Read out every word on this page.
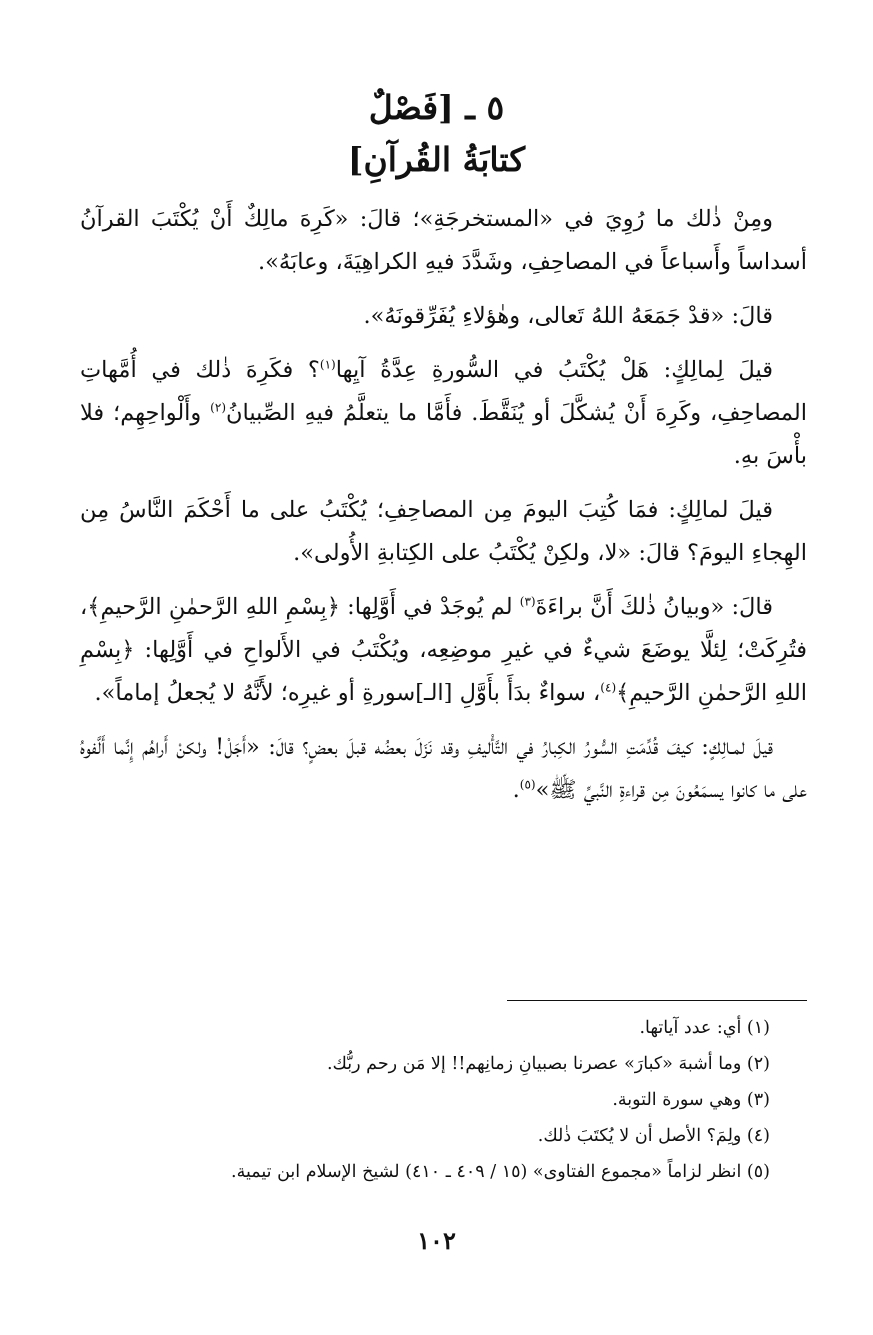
٥ ـ [فَصْلٌ
كتابَةُ القُرآنِ]

ومِنْ ذٰلك ما رُوِيَ في «المستخرجَةِ»؛ قالَ: «كَرِهَ مالِكٌ أَنْ يُكْتَبَ القرآنُ أسداساً وأَسباعاً في المصاحِفِ، وشَدَّدَ فيهِ الكراهِيَةَ، وعابَهُ».

قالَ: «قدْ جَمَعَهُ اللهُ تَعالى، وهٰؤلاءِ يُفَرِّقونَهُ».

قيلَ لِمالِكٍ: هَلْ يُكْتَبُ في السُّورةِ عِدَّةُ آيِها$^{(١)}$؟ فكَرِهَ ذٰلك في أُمَّهاتِ المصاحِفِ، وكَرِهَ أَنْ يُشكَّلَ أو يُنَقَّطَ. فأَمَّا ما يتعلَّمُ فيهِ الصِّبيانُ$^{(٢)}$ وأَلْواحِهِم؛ فلا بأْسَ بهِ.

قيلَ لمالِكٍ: فمَا كُتِبَ اليومَ مِن المصاحِفِ؛ يُكْتَبُ على ما أَحْكَمَ النَّاسُ مِن الهِجاءِ اليومَ؟ قالَ: «لا، ولكِنْ يُكْتَبُ على الكِتابةِ الأُولى».

قالَ: «وبيانُ ذٰلكَ أَنَّ براءَةَ$^{(٣)}$ لم يُوجَدْ في أَوَّلِها: ﴿بِسْمِ اللهِ الرَّحمٰنِ الرَّحيمِ﴾، فتُرِكَتْ؛ لِئلَّا يوضَعَ شيءٌ في غيرِ موضِعِه، ويُكْتَبُ في الأَلواحِ في أَوَّلِها: ﴿بِسْمِ اللهِ الرَّحمٰنِ الرَّحيمِ﴾$^{(٤)}$، سواءٌ بدَأَ بأَوَّلِ [الـ]سورةِ أو غيرِه؛ لأَنَّهُ لا يُجعلُ إماماً».

قيلَ لمـالِكٍ: كيفَ قُدِّمَتِ السُّورُ الكِبارُ في التَّأْليفِ وقد نَزَلَ بعضُه قبلَ بعضٍ؟ قالَ: «أَجَلْ! ولكنْ أَراهُم إِنَّما أَلَّفوهُ على ما كانوا يسمَعُونَ مِن قراءةِ النَّبيِّ ﷺ»$^{(٥)}$.

(١) أي: عدد آياتها.

(٢) وما أشبهَ «كبارَ» عصرنا بصبيانِ زمانِهم!! إلا مَن رحم ربُّك.

(٣) وهي سورة التوبة.

(٤) ولِمَ؟ الأصل أن لا يُكتَبَ ذٰلك.

(٥) انظر لزاماً «مجموع الفتاوى» (١٥ / ٤٠٩ ـ ٤١٠) لشيخ الإسلام ابن تيمية.

١٠٢
